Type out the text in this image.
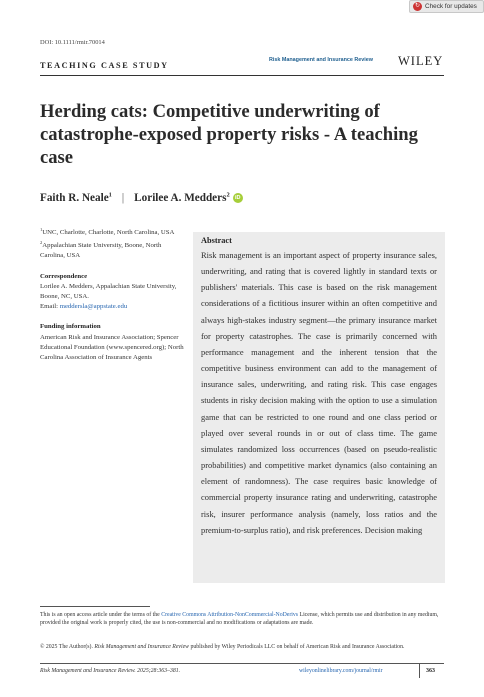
↻ Check for updates
DOI: 10.1111/rmir.70014
TEACHING CASE STUDY
Risk Management and Insurance Review WILEY
Herding cats: Competitive underwriting of catastrophe-exposed property risks - A teaching case
Faith R. Neale$^1$ | Lorilee A. Medders$^2$ iD
$^1$UNC, Charlotte, Charlotte, North Carolina, USA
$^2$Appalachian State University, Boone, North Carolina, USA
Correspondence
Lorilee A. Medders, Appalachian State University, Boone, NC, USA.
Email: meddersla@appstate.edu
Funding information
American Risk and Insurance Association; Spencer Educational Foundation (www.spencered.org); North Carolina Association of Insurance Agents
Abstract
Risk management is an important aspect of property insurance sales, underwriting, and rating that is covered lightly in standard texts or publishers' materials. This case is based on the risk management considerations of a fictitious insurer within an often competitive and always high-stakes industry segment—the primary insurance market for property catastrophes. The case is primarily concerned with performance management and the inherent tension that the competitive business environment can add to the management of insurance sales, underwriting, and rating risk. This case engages students in risky decision making with the option to use a simulation game that can be restricted to one round and one class period or played over several rounds in or out of class time. The game simulates randomized loss occurrences (based on pseudo-realistic probabilities) and competitive market dynamics (also containing an element of randomness). The case requires basic knowledge of commercial property insurance rating and underwriting, catastrophe risk, insurer performance analysis (namely, loss ratios and the premium-to-surplus ratio), and risk preferences. Decision making
This is an open access article under the terms of the Creative Commons Attribution-NonCommercial-NoDerivs License, which permits use and distribution in any medium, provided the original work is properly cited, the use is non-commercial and no modifications or adaptations are made.
© 2025 The Author(s). Risk Management and Insurance Review published by Wiley Periodicals LLC on behalf of American Risk and Insurance Association.
Risk Management and Insurance Review. 2025;28:363–381.	wileyonlinelibrary.com/journal/rmir	363
